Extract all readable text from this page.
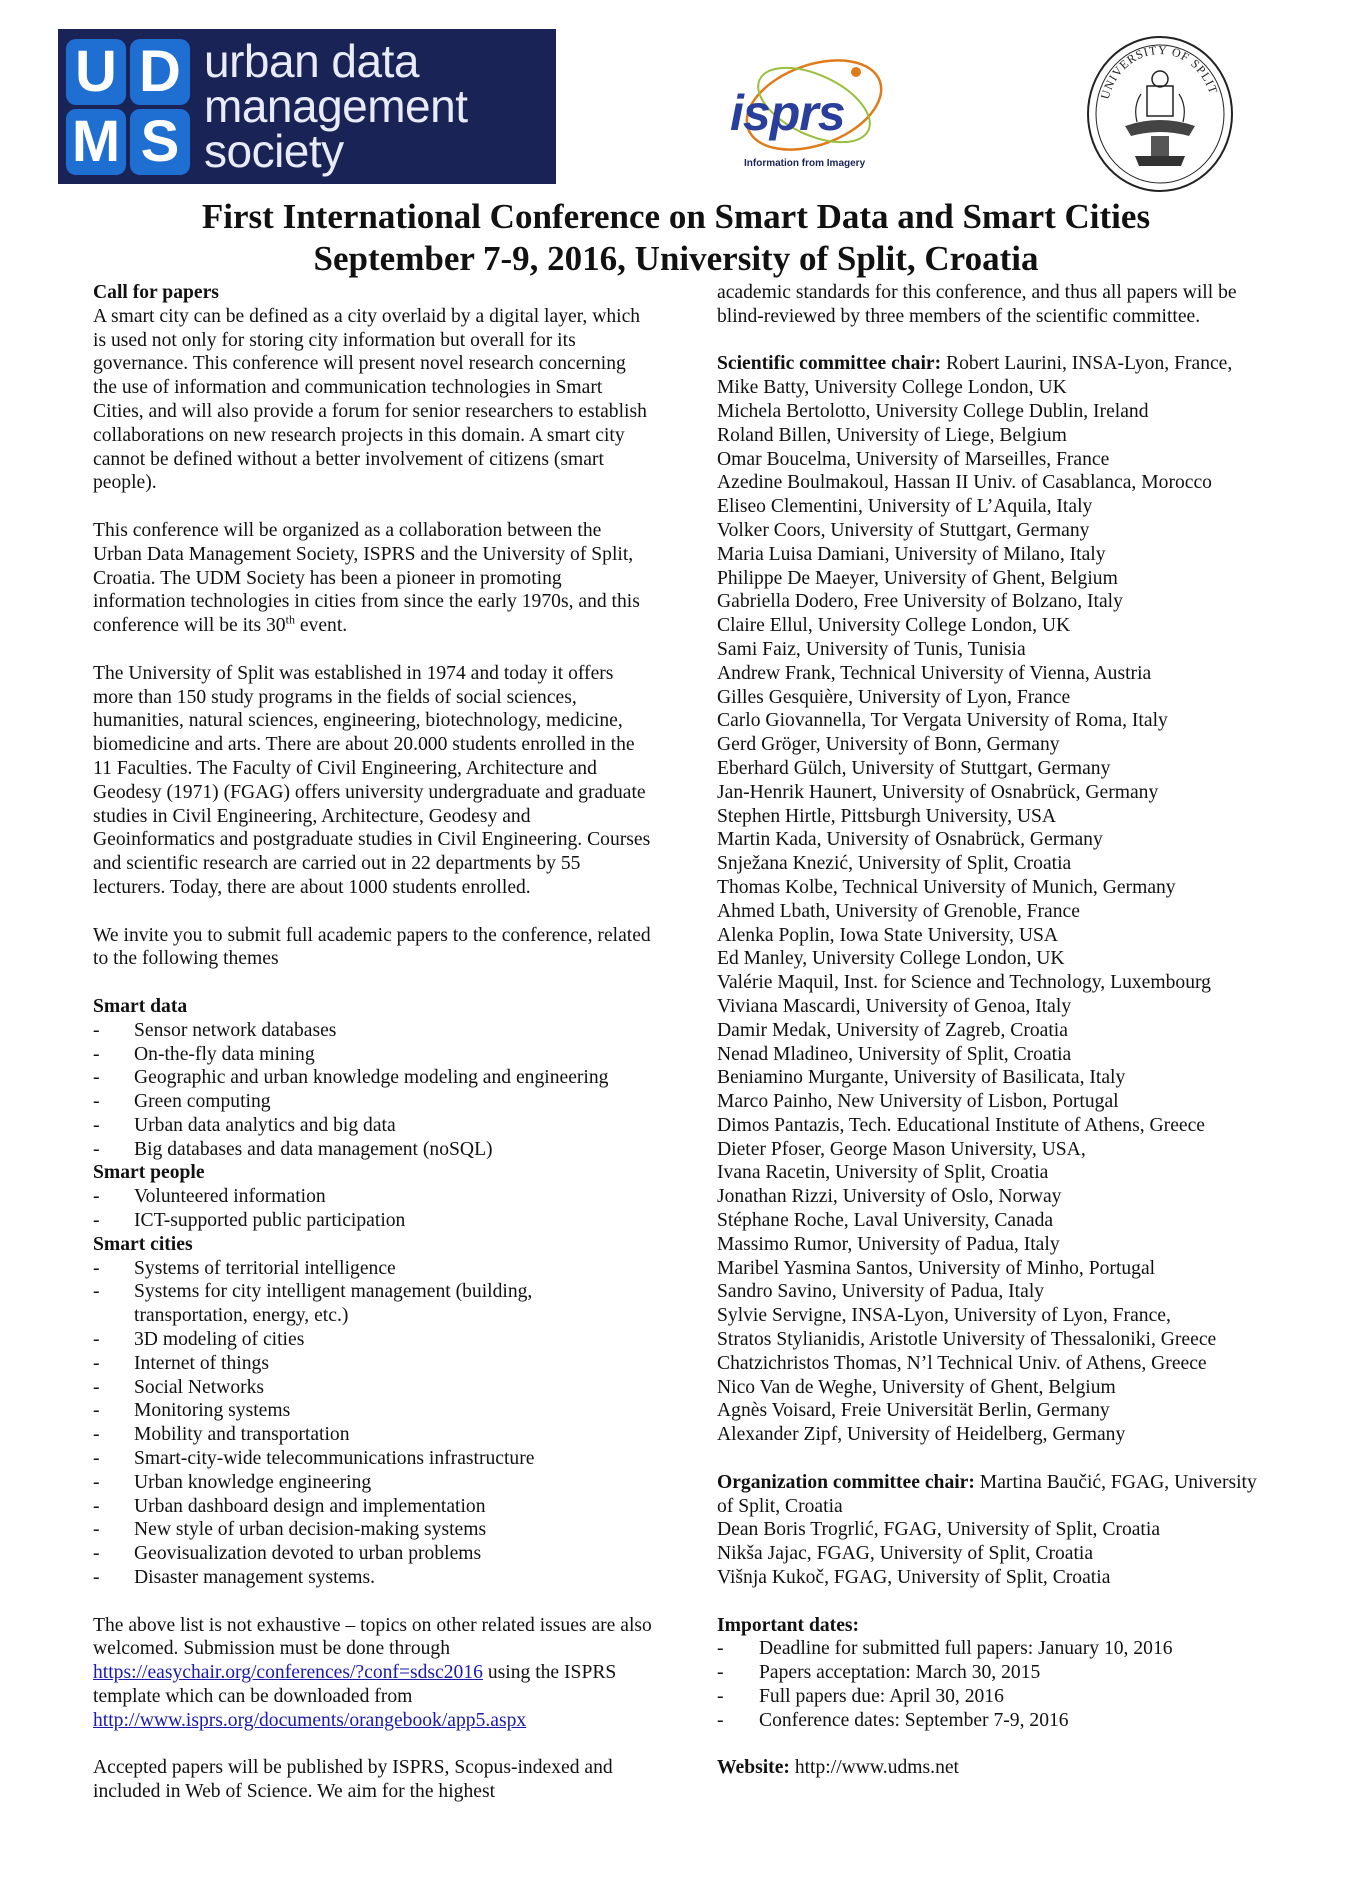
U D
M S
urban data
management
society
isprs
Information from Imagery
UNIVERSITY OF SPLIT
First International Conference on Smart Data and Smart Cities
September 7-9, 2016, University of Split, Croatia

Call for papers

A smart city can be defined as a city overlaid by a digital layer, which is used not only for storing city information but overall for its governance. This conference will present novel research concerning the use of information and communication technologies in Smart Cities, and will also provide a forum for senior researchers to establish collaborations on new research projects in this domain. A smart city cannot be defined without a better involvement of citizens (smart people).

This conference will be organized as a collaboration between the Urban Data Management Society, ISPRS and the University of Split, Croatia. The UDM Society has been a pioneer in promoting information technologies in cities from since the early 1970s, and this conference will be its 30th event.

The University of Split was established in 1974 and today it offers more than 150 study programs in the fields of social sciences, humanities, natural sciences, engineering, biotechnology, medicine, biomedicine and arts. There are about 20.000 students enrolled in the 11 Faculties. The Faculty of Civil Engineering, Architecture and Geodesy (1971) (FGAG) offers university undergraduate and graduate studies in Civil Engineering, Architecture, Geodesy and Geoinformatics and postgraduate studies in Civil Engineering. Courses and scientific research are carried out in 22 departments by 55 lecturers. Today, there are about 1000 students enrolled.

We invite you to submit full academic papers to the conference, related to the following themes

Smart data

- Sensor network databases
- On-the-fly data mining
- Geographic and urban knowledge modeling and engineering
- Green computing
- Urban data analytics and big data
- Big databases and data management (noSQL)

Smart people

- Volunteered information
- ICT-supported public participation

Smart cities

- Systems of territorial intelligence
- Systems for city intelligent management (building, transportation, energy, etc.)
- 3D modeling of cities
- Internet of things
- Social Networks
- Monitoring systems
- Mobility and transportation
- Smart-city-wide telecommunications infrastructure
- Urban knowledge engineering
- Urban dashboard design and implementation
- New style of urban decision-making systems
- Geovisualization devoted to urban problems
- Disaster management systems.

The above list is not exhaustive – topics on other related issues are also welcomed. Submission must be done through https://easychair.org/conferences/?conf=sdsc2016 using the ISPRS template which can be downloaded from http://www.isprs.org/documents/orangebook/app5.aspx

Accepted papers will be published by ISPRS, Scopus-indexed and included in Web of Science. We aim for the highest

academic standards for this conference, and thus all papers will be blind-reviewed by three members of the scientific committee.

Scientific committee chair: Robert Laurini, INSA-Lyon, France,

Mike Batty, University College London, UK
Michela Bertolotto, University College Dublin, Ireland
Roland Billen, University of Liege, Belgium
Omar Boucelma, University of Marseilles, France
Azedine Boulmakoul, Hassan II Univ. of Casablanca, Morocco
Eliseo Clementini, University of L’Aquila, Italy
Volker Coors, University of Stuttgart, Germany
Maria Luisa Damiani, University of Milano, Italy
Philippe De Maeyer, University of Ghent, Belgium
Gabriella Dodero, Free University of Bolzano, Italy
Claire Ellul, University College London, UK
Sami Faiz, University of Tunis, Tunisia
Andrew Frank, Technical University of Vienna, Austria
Gilles Gesquière, University of Lyon, France
Carlo Giovannella, Tor Vergata University of Roma, Italy
Gerd Gröger, University of Bonn, Germany
Eberhard Gülch, University of Stuttgart, Germany
Jan-Henrik Haunert, University of Osnabrück, Germany
Stephen Hirtle, Pittsburgh University, USA
Martin Kada, University of Osnabrück, Germany
Snježana Knezić, University of Split, Croatia
Thomas Kolbe, Technical University of Munich, Germany
Ahmed Lbath, University of Grenoble, France
Alenka Poplin, Iowa State University, USA
Ed Manley, University College London, UK
Valérie Maquil, Inst. for Science and Technology, Luxembourg
Viviana Mascardi, University of Genoa, Italy
Damir Medak, University of Zagreb, Croatia
Nenad Mladineo, University of Split, Croatia
Beniamino Murgante, University of Basilicata, Italy
Marco Painho, New University of Lisbon, Portugal
Dimos Pantazis, Tech. Educational Institute of Athens, Greece
Dieter Pfoser, George Mason University, USA,
Ivana Racetin, University of Split, Croatia
Jonathan Rizzi, University of Oslo, Norway
Stéphane Roche, Laval University, Canada
Massimo Rumor, University of Padua, Italy
Maribel Yasmina Santos, University of Minho, Portugal
Sandro Savino, University of Padua, Italy
Sylvie Servigne, INSA-Lyon, University of Lyon, France,
Stratos Stylianidis, Aristotle University of Thessaloniki, Greece
Chatzichristos Thomas, N’l Technical Univ. of Athens, Greece
Nico Van de Weghe, University of Ghent, Belgium
Agnès Voisard, Freie Universität Berlin, Germany
Alexander Zipf, University of Heidelberg, Germany

Organization committee chair: Martina Baučić, FGAG, University of Split, Croatia

Dean Boris Trogrlić, FGAG, University of Split, Croatia
Nikša Jajac, FGAG, University of Split, Croatia
Višnja Kukoč, FGAG, University of Split, Croatia

Important dates:

- Deadline for submitted full papers: January 10, 2016
- Papers acceptation: March 30, 2015
- Full papers due: April 30, 2016
- Conference dates: September 7-9, 2016

Website: http://www.udms.net
